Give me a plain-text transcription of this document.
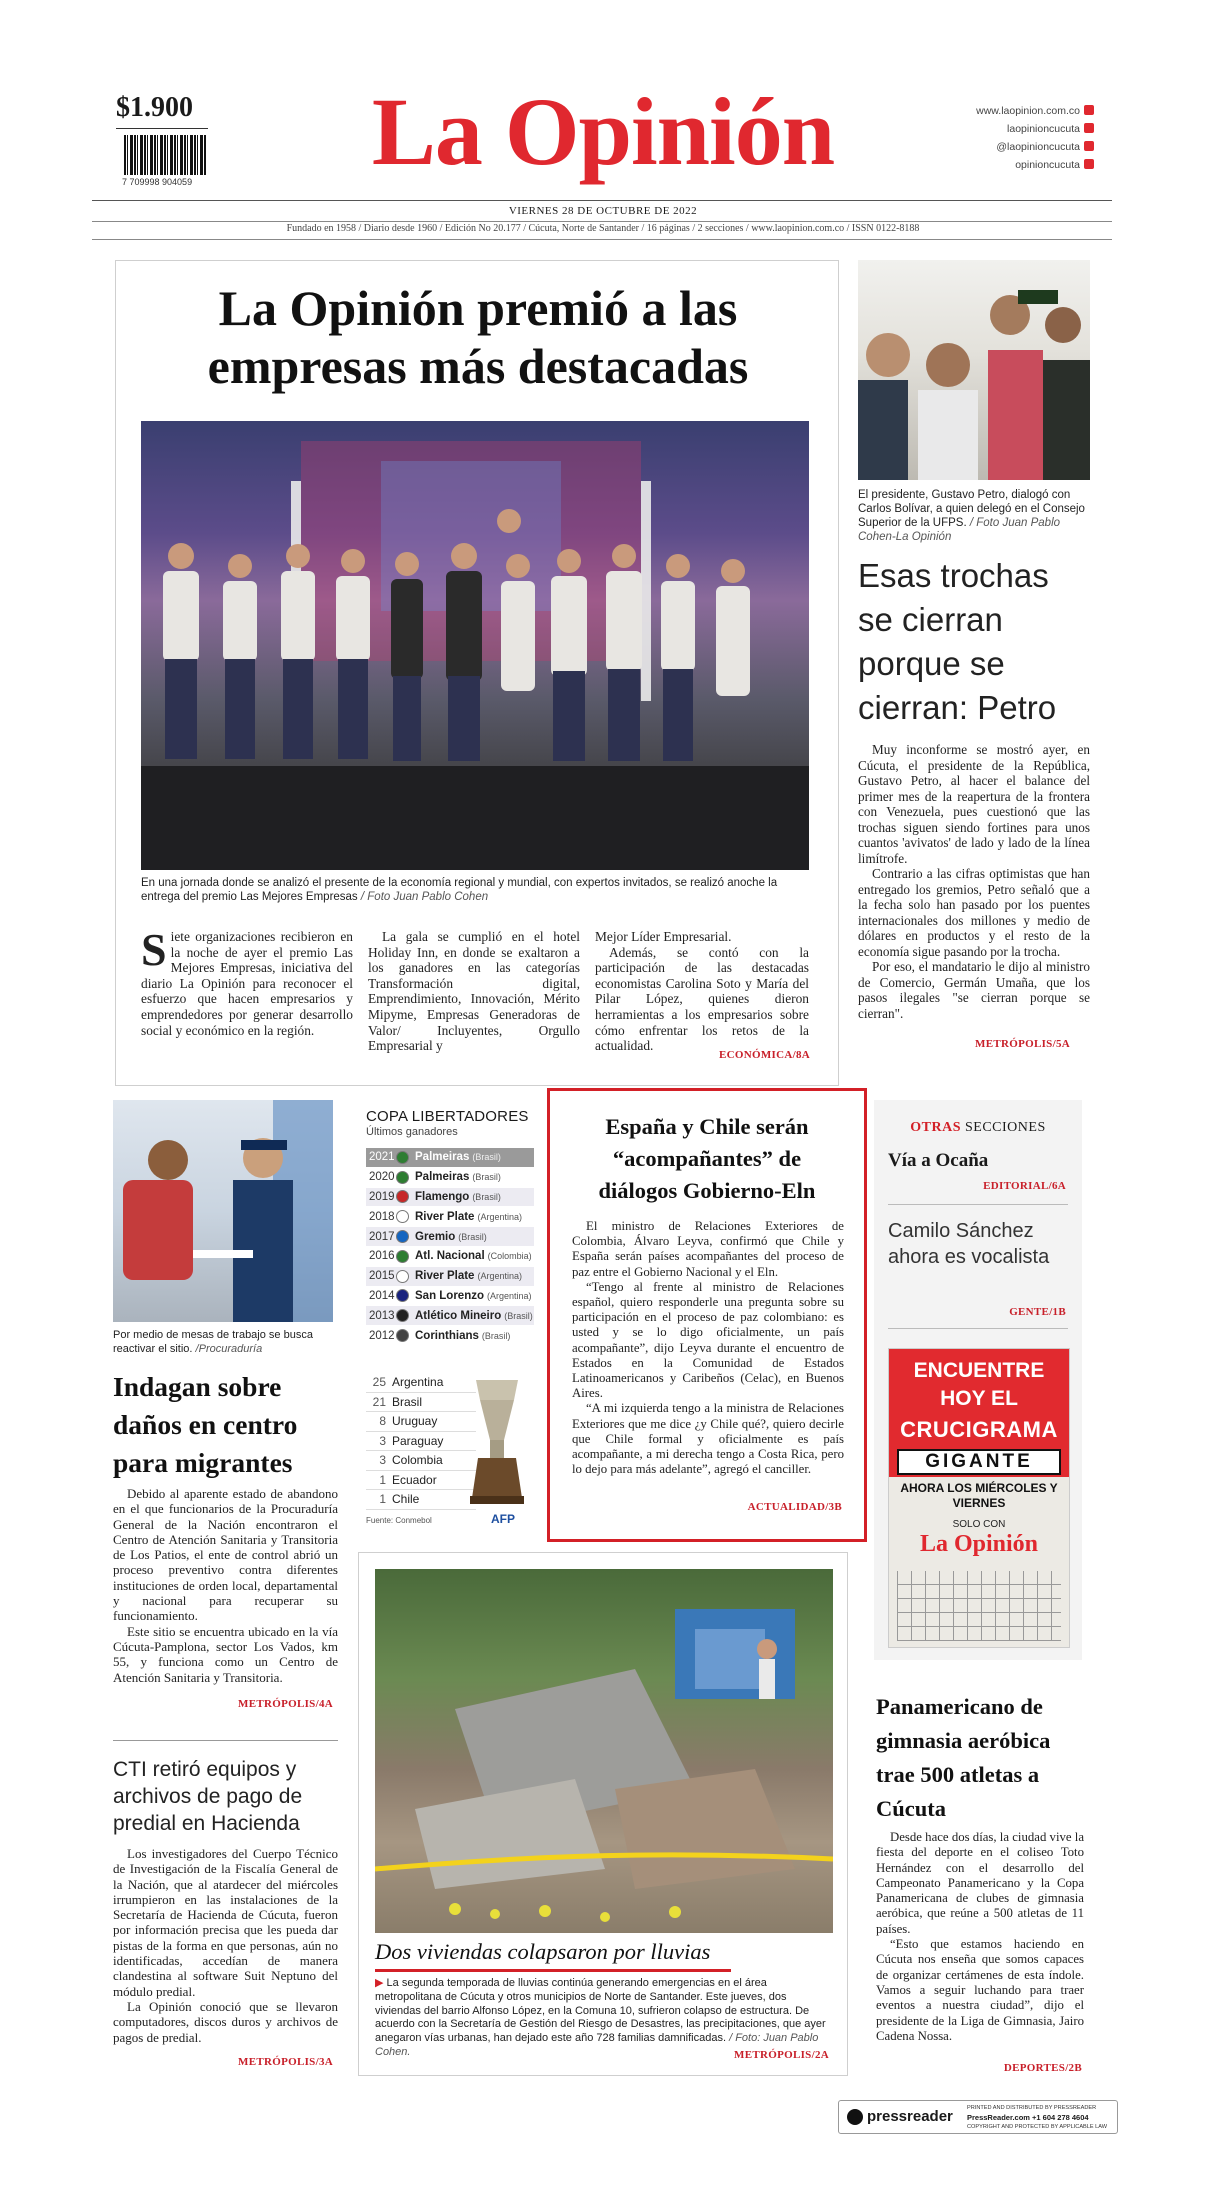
$1.900
7 709998 904059	La Opinión	www.laopinion.com.co
laopinioncucuta
@laopinioncucuta
opinioncucuta
VIERNES 28 DE OCTUBRE DE 2022
Fundado en 1958 / Diario desde 1960 / Edición No 20.177 / Cúcuta, Norte de Santander / 16 páginas / 2 secciones / www.laopinion.com.co / ISSN 0122-8188
La Opinión premió a las empresas más destacadas
En una jornada donde se analizó el presente de la economía regional y mundial, con expertos invitados, se realizó anoche la entrega del premio Las Mejores Empresas / Foto Juan Pablo Cohen
S iete organizaciones recibieron en la noche de ayer el premio Las Mejores Empresas, iniciativa del diario La Opinión para reconocer el esfuerzo que hacen empresarios y emprendedores por generar desarrollo social y económico en la región.

La gala se cumplió en el hotel Holiday Inn, en donde se exaltaron a los ganadores en las categorías Transformación digital, Emprendimiento, Innovación, Mérito Mipyme, Empresas Generadoras de Valor/ Incluyentes, Orgullo Empresarial y

Mejor Líder Empresarial.

Además, se contó con la participación de las destacadas economistas Carolina Soto y María del Pilar López, quienes dieron herramientas a los empresarios sobre cómo enfrentar los retos de la actualidad.

ECONÓMICA/8A
El presidente, Gustavo Petro, dialogó con Carlos Bolívar, a quien delegó en el Consejo Superior de la UFPS. / Foto Juan Pablo Cohen-La Opinión
Esas trochas se cierran porque se cierran: Petro

Muy inconforme se mostró ayer, en Cúcuta, el presidente de la República, Gustavo Petro, al hacer el balance del primer mes de la reapertura de la frontera con Venezuela, pues cuestionó que las trochas siguen siendo fortines para unos cuantos 'avivatos' de lado y lado de la línea limítrofe.

Contrario a las cifras optimistas que han entregado los gremios, Petro señaló que a la fecha solo han pasado por los puentes internacionales dos millones y medio de dólares en productos y el resto de la economía sigue pasando por la trocha.

Por eso, el mandatario le dijo al ministro de Comercio, Germán Umaña, que los pasos ilegales "se cierran porque se cierran".

METRÓPOLIS/5A
Por medio de mesas de trabajo se busca reactivar el sitio. /Procuraduría
Indagan sobre daños en centro para migrantes

Debido al aparente estado de abandono en el que funcionarios de la Procuraduría General de la Nación encontraron el Centro de Atención Sanitaria y Transitoria de Los Patios, el ente de control abrió un proceso preventivo contra diferentes instituciones de orden local, departamental y nacional para recuperar su funcionamiento.

Este sitio se encuentra ubicado en la vía Cúcuta-Pamplona, sector Los Vados, km 55, y funciona como un Centro de Atención Sanitaria y Transitoria.

METRÓPOLIS/4A
COPA LIBERTADORES
Últimos ganadores
2021 Palmeiras (Brasil)
2020 Palmeiras (Brasil)
2019 Flamengo (Brasil)
2018 River Plate (Argentina)
2017 Gremio (Brasil)
2016 Atl. Nacional (Colombia)
2015 River Plate (Argentina)
2014 San Lorenzo (Argentina)
2013 Atlético Mineiro (Brasil)
2012 Corinthians (Brasil)
25 Argentina
21 Brasil
8 Uruguay
3 Paraguay
3 Colombia
1 Ecuador
1 Chile
Fuente: Conmebol	AFP
España y Chile serán “acompañantes” de diálogos Gobierno-Eln

El ministro de Relaciones Exteriores de Colombia, Álvaro Leyva, confirmó que Chile y España serán países acompañantes del proceso de paz entre el Gobierno Nacional y el Eln.

“Tengo al frente al ministro de Relaciones español, quiero responderle una pregunta sobre su participación en el proceso de paz colombiano: es usted y se lo digo oficialmente, un país acompañante”, dijo Leyva durante el encuentro de Estados en la Comunidad de Estados Latinoamericanos y Caribeños (Celac), en Buenos Aires.

“A mi izquierda tengo a la ministra de Relaciones Exteriores que me dice ¿y Chile qué?, quiero decirle que Chile formal y oficialmente es país acompañante, a mi derecha tengo a Costa Rica, pero lo dejo para más adelante”, agregó el canciller.

ACTUALIDAD/3B
OTRAS SECCIONES
Vía a Ocaña
EDITORIAL/6A
Camilo Sánchez ahora es vocalista
GENTE/1B
ENCUENTRE
HOY EL
CRUCIGRAMA
GIGANTE
AHORA LOS MIÉRCOLES Y VIERNES
SOLO CON
La Opinión
CTI retiró equipos y archivos de pago de predial en Hacienda

Los investigadores del Cuerpo Técnico de Investigación de la Fiscalía General de la Nación, que al atardecer del miércoles irrumpieron en las instalaciones de la Secretaría de Hacienda de Cúcuta, fueron por información precisa que les pueda dar pistas de la forma en que personas, aún no identificadas, accedían de manera clandestina al software Suit Neptuno del módulo predial.

La Opinión conoció que se llevaron computadores, discos duros y archivos de pagos de predial.

METRÓPOLIS/3A
Dos viviendas colapsaron por lluvias
▶ La segunda temporada de lluvias continúa generando emergencias en el área metropolitana de Cúcuta y otros municipios de Norte de Santander. Este jueves, dos viviendas del barrio Alfonso López, en la Comuna 10, sufrieron colapso de estructura. De acuerdo con la Secretaría de Gestión del Riesgo de Desastres, las precipitaciones, que ayer anegaron vías urbanas, han dejado este año 728 familias damnificadas. / Foto: Juan Pablo Cohen.	METRÓPOLIS/2A
Panamericano de gimnasia aeróbica trae 500 atletas a Cúcuta

Desde hace dos días, la ciudad vive la fiesta del deporte en el coliseo Toto Hernández con el desarrollo del Campeonato Panamericano y la Copa Panamericana de clubes de gimnasia aeróbica, que reúne a 500 atletas de 11 países.

“Esto que estamos haciendo en Cúcuta nos enseña que somos capaces de organizar certámenes de esta índole. Vamos a seguir luchando para traer eventos a nuestra ciudad”, dijo el presidente de la Liga de Gimnasia, Jairo Cadena Nossa.

DEPORTES/2B
pressreader	PRINTED AND DISTRIBUTED BY PRESSREADER
PressReader.com +1 604 278 4604
COPYRIGHT AND PROTECTED BY APPLICABLE LAW
